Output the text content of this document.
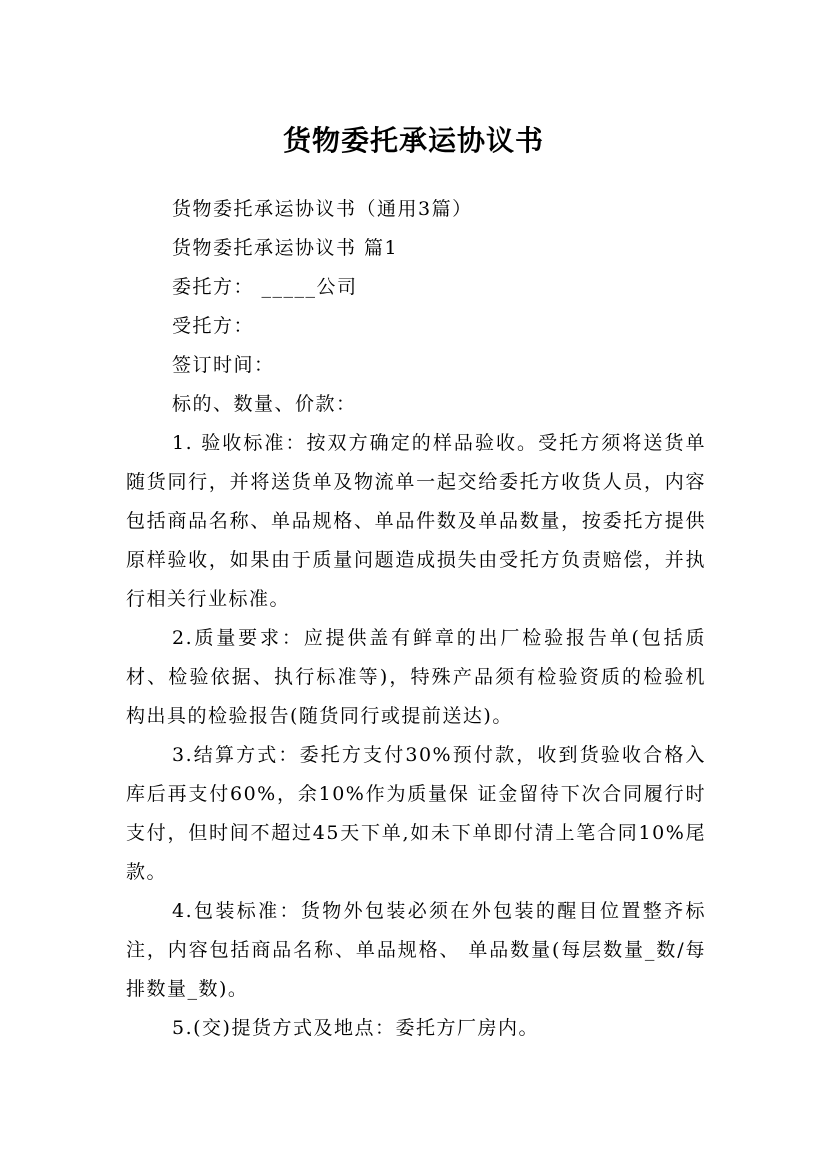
货物委托承运协议书

货物委托承运协议书（通用3篇）

货物委托承运协议书 篇1

委托方： _____公司

受托方：

签订时间：

标的、数量、价款：

1. 验收标准：按双方确定的样品验收。受托方须将送货单随货同行，并将送货单及物流单一起交给委托方收货人员，内容包括商品名称、单品规格、单品件数及单品数量，按委托方提供原样验收，如果由于质量问题造成损失由受托方负责赔偿，并执行相关行业标准。

2.质量要求：应提供盖有鲜章的出厂检验报告单(包括质材、检验依据、执行标准等)，特殊产品须有检验资质的检验机构出具的检验报告(随货同行或提前送达)。

3.结算方式：委托方支付30%预付款，收到货验收合格入库后再支付60%，余10%作为质量保 证金留待下次合同履行时支付，但时间不超过45天下单,如未下单即付清上笔合同10%尾款。

4.包装标准：货物外包装必须在外包装的醒目位置整齐标注，内容包括商品名称、单品规格、 单品数量(每层数量_数/每排数量_数)。

5.(交)提货方式及地点：委托方厂房内。
